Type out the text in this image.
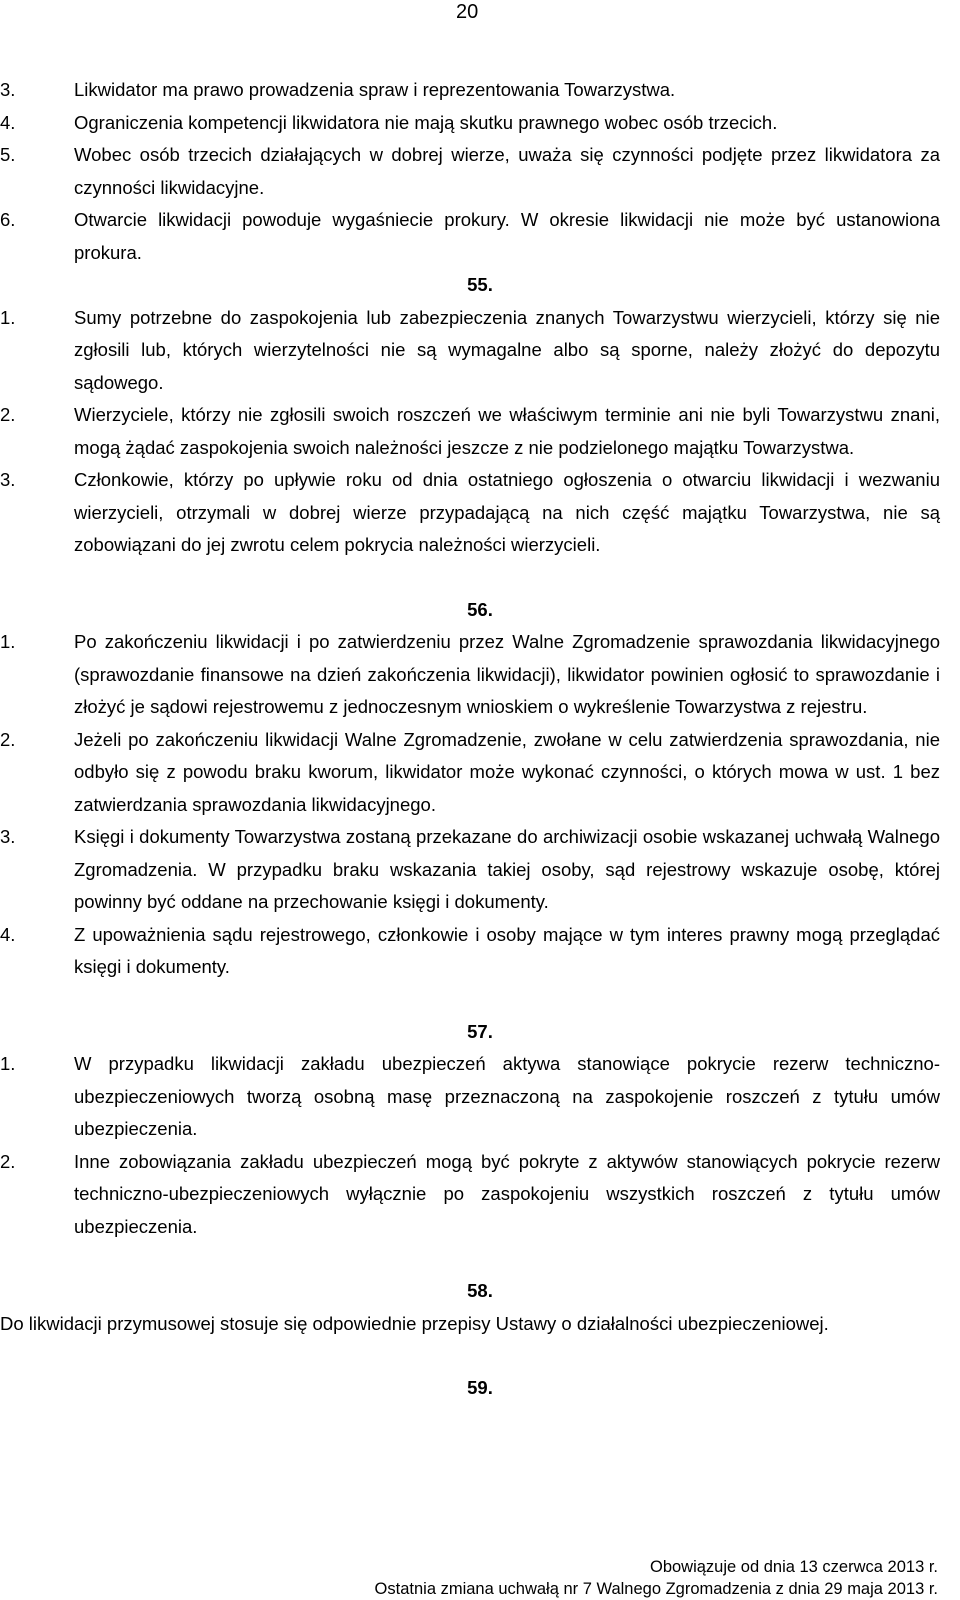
20
3.	Likwidator ma prawo prowadzenia spraw i reprezentowania Towarzystwa.
4.	Ograniczenia kompetencji likwidatora nie mają skutku prawnego wobec osób trzecich.
5.	Wobec osób trzecich działających w dobrej wierze, uważa się czynności podjęte przez likwidatora za czynności likwidacyjne.
6.	Otwarcie likwidacji powoduje wygaśniecie prokury. W okresie likwidacji nie może być ustanowiona prokura.
55.
1.	Sumy potrzebne do zaspokojenia lub zabezpieczenia znanych Towarzystwu wierzycieli, którzy się nie zgłosili lub, których wierzytelności nie są wymagalne albo są sporne, należy złożyć do depozytu sądowego.
2.	Wierzyciele, którzy nie zgłosili swoich roszczeń we właściwym terminie ani nie byli Towarzystwu znani, mogą żądać zaspokojenia swoich należności jeszcze z nie podzielonego majątku Towarzystwa.
3.	Członkowie, którzy po upływie roku od dnia ostatniego ogłoszenia o otwarciu likwidacji i wezwaniu wierzycieli, otrzymali w dobrej wierze przypadającą na nich część majątku Towarzystwa, nie są zobowiązani do jej zwrotu celem pokrycia należności wierzycieli.
56.
1.	Po zakończeniu likwidacji i po zatwierdzeniu przez Walne Zgromadzenie sprawozdania likwidacyjnego (sprawozdanie finansowe na dzień zakończenia likwidacji), likwidator powinien ogłosić to sprawozdanie i złożyć je sądowi rejestrowemu z jednoczesnym wnioskiem o wykreślenie Towarzystwa z rejestru.
2.	Jeżeli po zakończeniu likwidacji Walne Zgromadzenie, zwołane w celu zatwierdzenia sprawozdania, nie odbyło się z powodu braku kworum, likwidator może wykonać czynności, o których mowa w ust. 1 bez zatwierdzania sprawozdania likwidacyjnego.
3.	Księgi i dokumenty Towarzystwa zostaną przekazane do archiwizacji osobie wskazanej uchwałą Walnego Zgromadzenia. W przypadku braku wskazania takiej osoby, sąd rejestrowy wskazuje osobę, której powinny być oddane na przechowanie księgi i dokumenty.
4.	Z upoważnienia sądu rejestrowego, członkowie i osoby mające w tym interes prawny mogą przeglądać księgi i dokumenty.
57.
1.	W przypadku likwidacji zakładu ubezpieczeń aktywa stanowiące pokrycie rezerw techniczno-ubezpieczeniowych tworzą osobną masę przeznaczoną na zaspokojenie roszczeń z tytułu umów ubezpieczenia.
2.	Inne zobowiązania zakładu ubezpieczeń mogą być pokryte z aktywów stanowiących pokrycie rezerw techniczno-ubezpieczeniowych wyłącznie po zaspokojeniu wszystkich roszczeń z tytułu umów ubezpieczenia.
58.
Do likwidacji przymusowej stosuje się odpowiednie przepisy Ustawy o działalności ubezpieczeniowej.
59.
Obowiązuje od dnia 13 czerwca 2013 r.
Ostatnia zmiana uchwałą nr 7 Walnego Zgromadzenia z dnia 29 maja 2013 r.
